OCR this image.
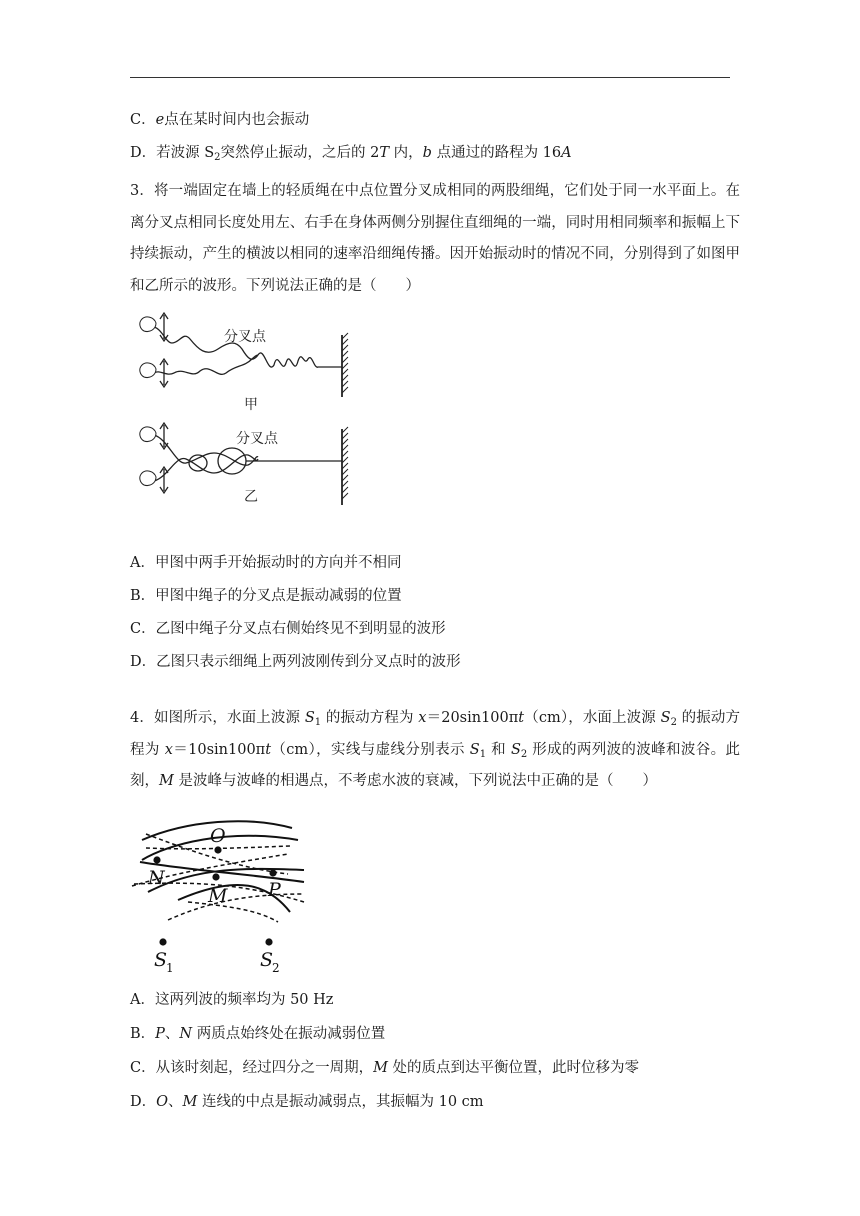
C．e点在某时间内也会振动
D．若波源 $S_2$突然停止振动，之后的 2T 内，b 点通过的路程为 16A
3．将一端固定在墙上的轻质绳在中点位置分叉成相同的两股细绳，它们处于同一水平面上。在离分叉点相同长度处用左、右手在身体两侧分别握住直细绳的一端，同时用相同频率和振幅上下持续振动，产生的横波以相同的速率沿细绳传播。因开始振动时的情况不同，分别得到了如图甲和乙所示的波形。下列说法正确的是（　　）
分叉点
甲
分叉点
乙
A．甲图中两手开始振动时的方向并不相同
B．甲图中绳子的分叉点是振动减弱的位置
C．乙图中绳子分叉点右侧始终见不到明显的波形
D．乙图只表示细绳上两列波刚传到分叉点时的波形
4．如图所示，水面上波源 $S_1$ 的振动方程为 x＝20sin100πt（cm），水面上波源 $S_2$ 的振动方程为 x＝10sin100πt（cm），实线与虚线分别表示 $S_1$ 和 $S_2$ 形成的两列波的波峰和波谷。此刻，M 是波峰与波峰的相遇点，不考虑水波的衰减，下列说法中正确的是（　　）
O
N
M P
S	S
1	2
A．这两列波的频率均为 50 Hz
B．P、N 两质点始终处在振动减弱位置
C．从该时刻起，经过四分之一周期，M 处的质点到达平衡位置，此时位移为零
D．O、M 连线的中点是振动减弱点，其振幅为 10 cm
